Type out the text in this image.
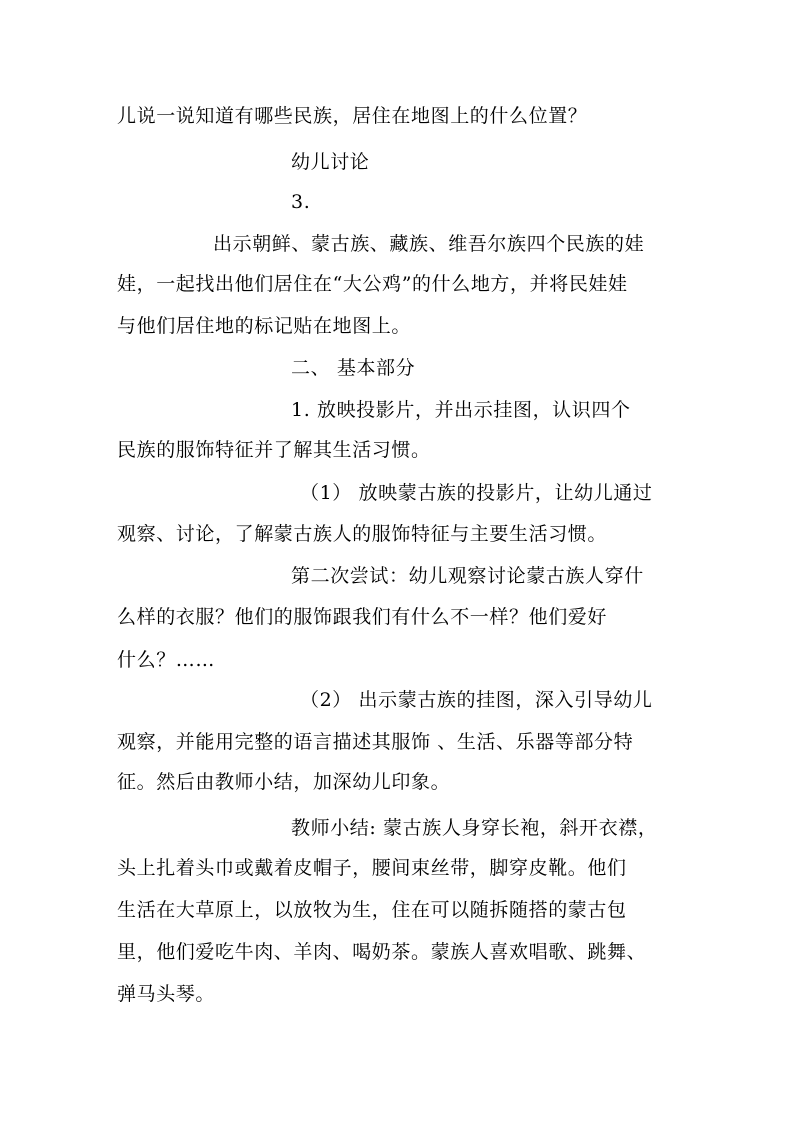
儿说一说知道有哪些民族，居住在地图上的什么位置？
幼儿讨论
3.
出示朝鲜、蒙古族、藏族、维吾尔族四个民族的娃
娃，一起找出他们居住在“大公鸡”的什么地方，并将民娃娃
与他们居住地的标记贴在地图上。
二、 基本部分
1. 放映投影片，并出示挂图，认识四个
民族的服饰特征并了解其生活习惯。
（1） 放映蒙古族的投影片，让幼儿通过
观察、讨论，了解蒙古族人的服饰特征与主要生活习惯。
第二次尝试：幼儿观察讨论蒙古族人穿什
么样的衣服？他们的服饰跟我们有什么不一样？他们爱好
什么？……
（2） 出示蒙古族的挂图，深入引导幼儿
观察，并能用完整的语言描述其服饰 、生活、乐器等部分特
征。然后由教师小结，加深幼儿印象。
教师小结: 蒙古族人身穿长袍，斜开衣襟，
头上扎着头巾或戴着皮帽子，腰间束丝带，脚穿皮靴。他们
生活在大草原上，以放牧为生，住在可以随拆随搭的蒙古包
里，他们爱吃牛肉、羊肉、喝奶茶。蒙族人喜欢唱歌、跳舞、
弹马头琴。
